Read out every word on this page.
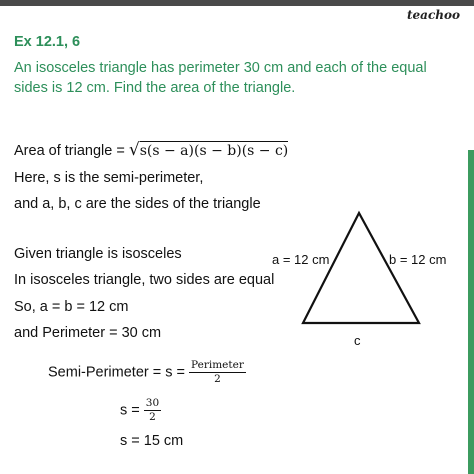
teachoo
Ex 12.1, 6
An isosceles triangle has perimeter 30 cm and each of the equal sides is 12 cm. Find the area of the triangle.
Area of triangle = √s(s − a)(s − b)(s − c)
Here, s is the semi-perimeter,
and a, b, c are the sides of the triangle
Given triangle is isosceles
In isosceles triangle, two sides are equal
So, a = b = 12 cm
and Perimeter = 30 cm
Semi-Perimeter = $s = \frac{\text{Perimeter}}{2}$
$s = \frac{30}{2}$
s = 15 cm
a = 12 cm	b = 12 cm
c
